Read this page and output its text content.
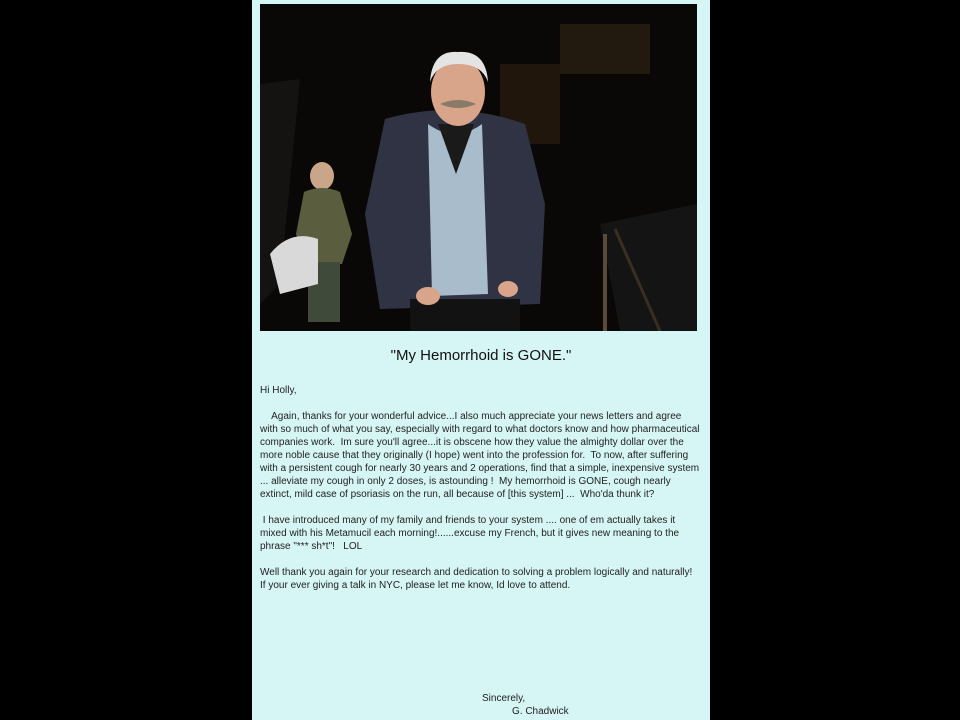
"My Hemorrhoid is GONE."

Hi Holly,

Again, thanks for your wonderful advice...I also much appreciate your news letters and agree with so much of what you say, especially with regard to what doctors know and how pharmaceutical companies work.  Im sure you'll agree...it is obscene how they value the almighty dollar over the more noble cause that they originally (I hope) went into the profession for.  To now, after suffering with a persistent cough for nearly 30 years and 2 operations, find that a simple, inexpensive system ... alleviate my cough in only 2 doses, is astounding !  My hemorrhoid is GONE, cough nearly extinct, mild case of psoriasis on the run, all because of [this system] ...  Who'da thunk it?

I have introduced many of my family and friends to your system .... one of em actually takes it mixed with his Metamucil each morning!......excuse my French, but it gives new meaning to the phrase "*** sh*t"!   LOL

Well thank you again for your research and dedication to solving a problem logically and naturally!  If your ever giving a talk in NYC, please let me know, Id love to attend.

Sincerely,
G. Chadwick
